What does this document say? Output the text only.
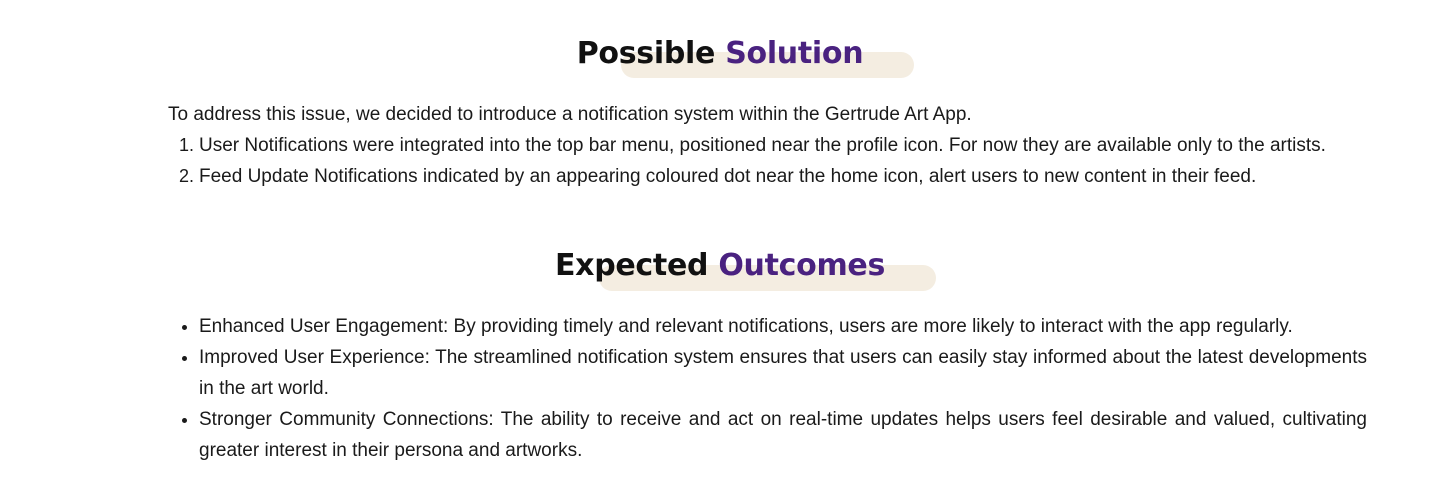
Possible Solution

To address this issue, we decided to introduce a notification system within the Gertrude Art App.

1. User Notifications were integrated into the top bar menu, positioned near the profile icon. For now they are available only to the artists.
2. Feed Update Notifications indicated by an appearing coloured dot near the home icon, alert users to new content in their feed.
Expected Outcomes
• Enhanced User Engagement: By providing timely and relevant notifications, users are more likely to interact with the app regularly.
• Improved User Experience: The streamlined notification system ensures that users can easily stay informed about the latest developments in the art world.
• Stronger Community Connections: The ability to receive and act on real-time updates helps users feel desirable and valued, cultivating greater interest in their persona and artworks.
